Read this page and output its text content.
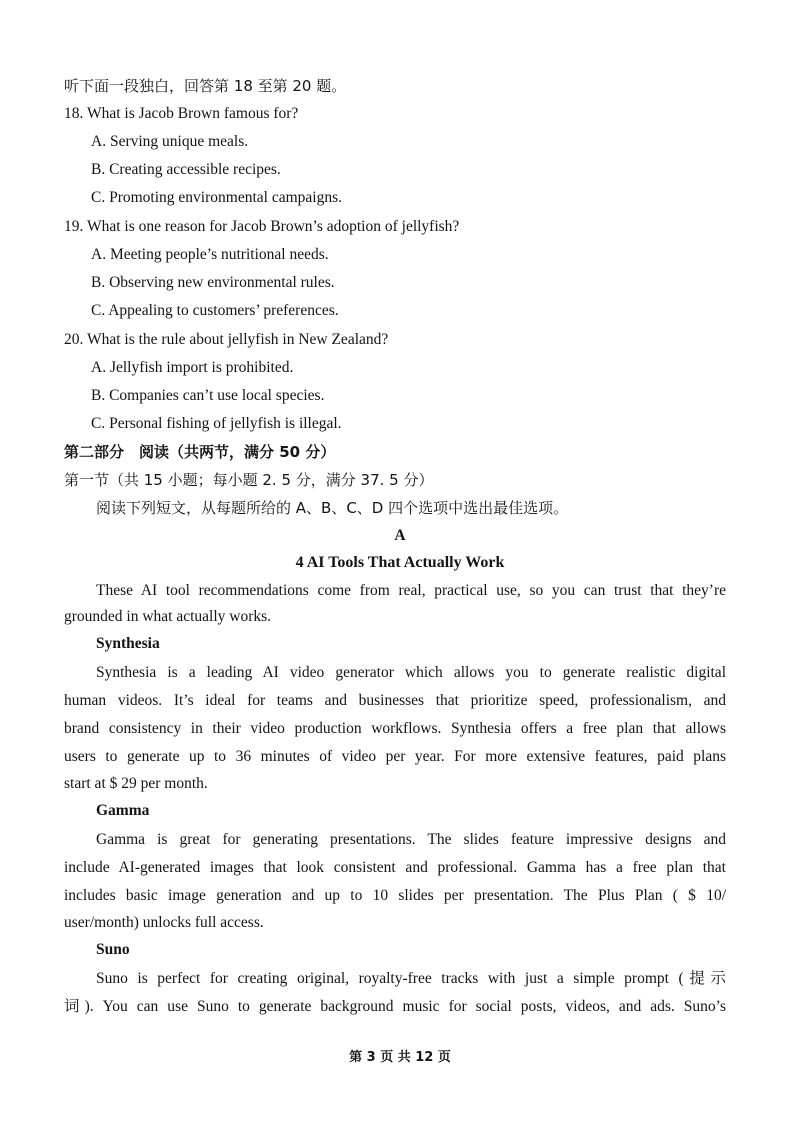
听下面一段独白，回答第 18 至第 20 题。
18. What is Jacob Brown famous for?
A. Serving unique meals.
B. Creating accessible recipes.
C. Promoting environmental campaigns.
19. What is one reason for Jacob Brown’s adoption of jellyfish?
A. Meeting people’s nutritional needs.
B. Observing new environmental rules.
C. Appealing to customers’ preferences.
20. What is the rule about jellyfish in New Zealand?
A. Jellyfish import is prohibited.
B. Companies can’t use local species.
C. Personal fishing of jellyfish is illegal.
第二部分　阅读（共两节，满分 50 分）
第一节（共 15 小题；每小题 2. 5 分，满分 37. 5 分）
阅读下列短文，从每题所给的 A、B、C、D 四个选项中选出最佳选项。
A
4 AI Tools That Actually Work
These AI tool recommendations come from real, practical use, so you can trust that they’re
grounded in what actually works.
Synthesia
Synthesia is a leading AI video generator which allows you to generate realistic digital
human videos. It’s ideal for teams and businesses that prioritize speed, professionalism, and
brand consistency in their video production workflows. Synthesia offers a free plan that allows
users to generate up to 36 minutes of video per year. For more extensive features, paid plans
start at $ 29 per month.
Gamma
Gamma is great for generating presentations. The slides feature impressive designs and
include AI-generated images that look consistent and professional. Gamma has a free plan that
includes basic image generation and up to 10 slides per presentation. The Plus Plan ( $ 10/
user/month) unlocks full access.
Suno
Suno is perfect for creating original, royalty-free tracks with just a simple prompt (提示
词). You can use Suno to generate background music for social posts, videos, and ads. Suno’s
第 3 页 共 12 页
